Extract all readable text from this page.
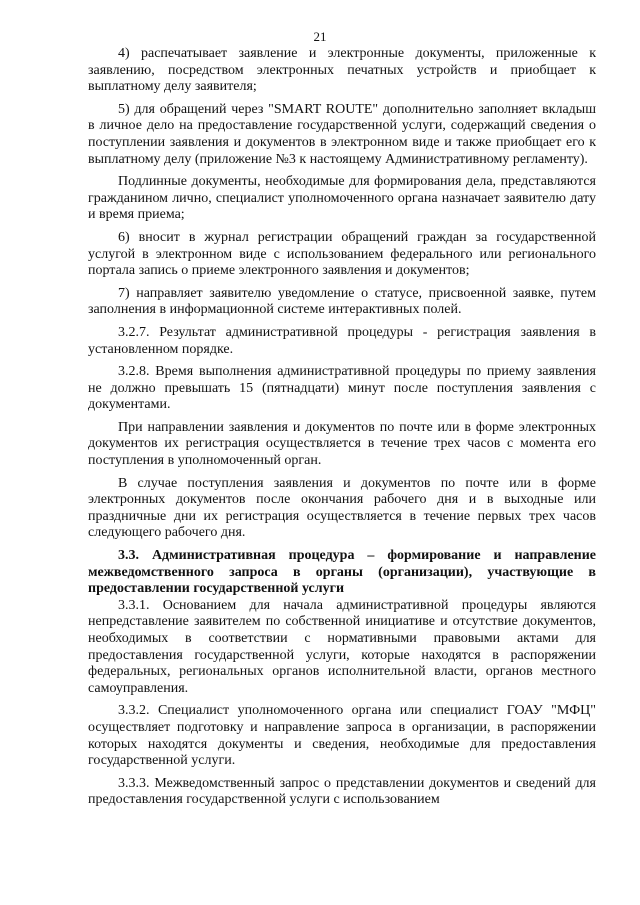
21

4) распечатывает заявление и электронные документы, приложенные к заявлению, посредством электронных печатных устройств и приобщает к выплатному делу заявителя;

5) для обращений через "SMART ROUTE" дополнительно заполняет вкладыш в личное дело на предоставление государственной услуги, содержащий сведения о поступлении заявления и документов в электронном виде и также приобщает его к выплатному делу (приложение №3 к настоящему Административному регламенту).

Подлинные документы, необходимые для формирования дела, представляются гражданином лично, специалист уполномоченного органа назначает заявителю дату и время приема;

6) вносит в журнал регистрации обращений граждан за государственной услугой в электронном виде с использованием федерального или регионального портала запись о приеме электронного заявления и документов;

7) направляет заявителю уведомление о статусе, присвоенной заявке, путем заполнения в информационной системе интерактивных полей.

3.2.7. Результат административной процедуры - регистрация заявления в установленном порядке.

3.2.8. Время выполнения административной процедуры по приему заявления не должно превышать 15 (пятнадцати) минут после поступления заявления с документами.

При направлении заявления и документов по почте или в форме электронных документов их регистрация осуществляется в течение трех часов с момента его поступления в уполномоченный орган.

В случае поступления заявления и документов по почте или в форме электронных документов после окончания рабочего дня и в выходные или праздничные дни их регистрация осуществляется в течение первых трех часов следующего рабочего дня.

3.3. Административная процедура – формирование и направление межведомственного запроса в органы (организации), участвующие в предоставлении государственной услуги

3.3.1. Основанием для начала административной процедуры являются непредставление заявителем по собственной инициативе и отсутствие документов, необходимых в соответствии с нормативными правовыми актами для предоставления государственной услуги, которые находятся в распоряжении федеральных, региональных органов исполнительной власти, органов местного самоуправления.

3.3.2. Специалист уполномоченного органа или специалист ГОАУ "МФЦ" осуществляет подготовку и направление запроса в организации, в распоряжении которых находятся документы и сведения, необходимые для предоставления государственной услуги.

3.3.3. Межведомственный запрос о представлении документов и сведений для предоставления государственной услуги с использованием
